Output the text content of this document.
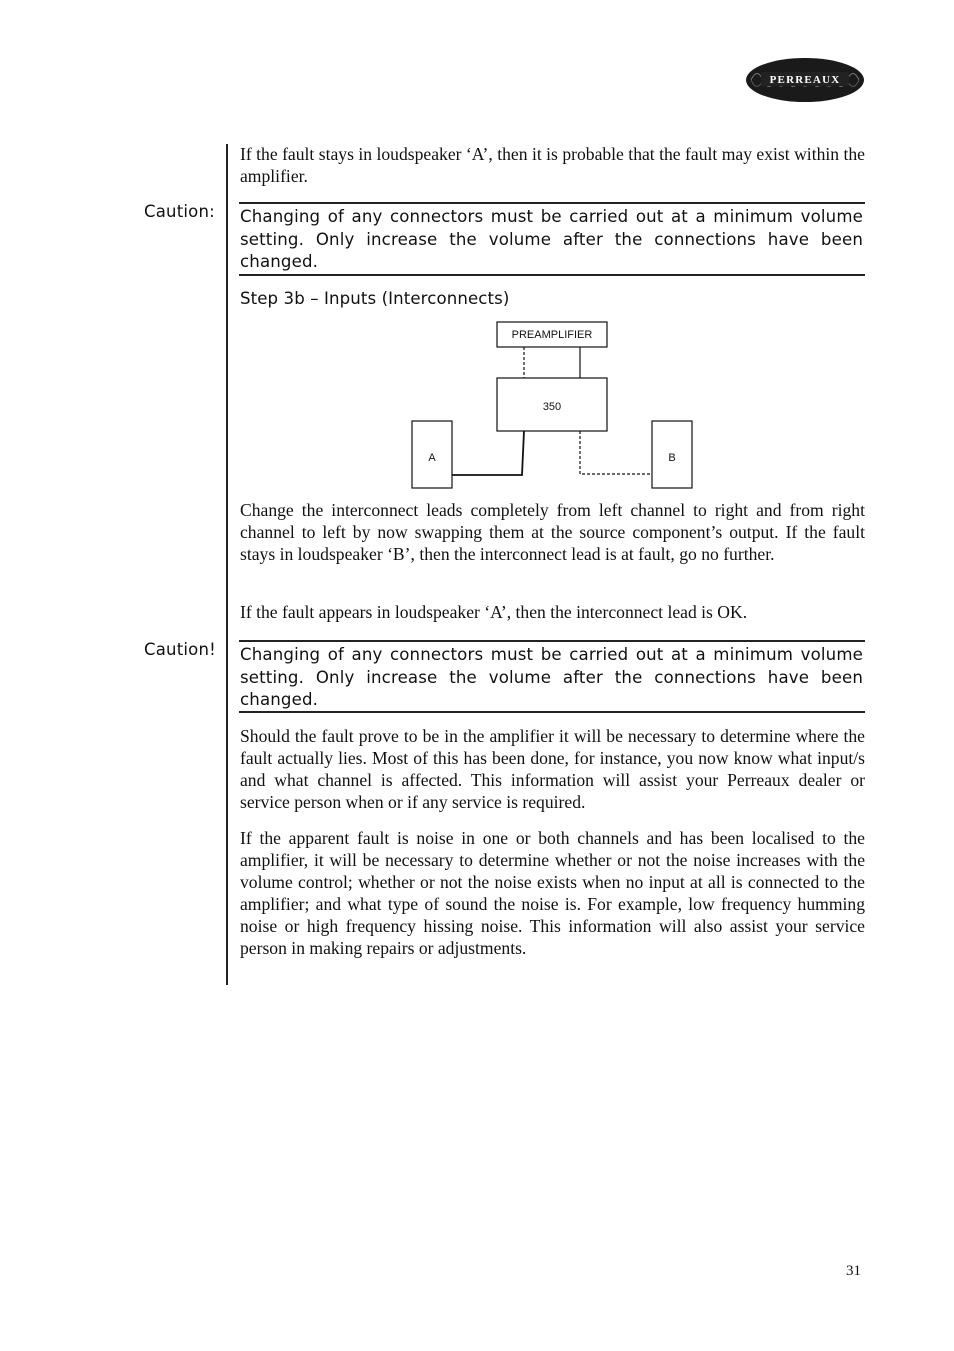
PERREAUX
If the fault stays in loudspeaker ‘A’, then it is probable that the fault may exist within the amplifier.
Caution:	Changing of any connectors must be carried out at a minimum volume setting. Only increase the volume after the connections have been changed.
Step 3b – Inputs (Interconnects)
PREAMPLIFIER
350
A	B
Change the interconnect leads completely from left channel to right and from right channel to left by now swapping them at the source component’s output. If the fault stays in loudspeaker ‘B’, then the interconnect lead is at fault, go no further.
If the fault appears in loudspeaker ‘A’, then the interconnect lead is OK.
Caution! Changing of any connectors must be carried out at a minimum volume setting. Only increase the volume after the connections have been changed.
Should the fault prove to be in the amplifier it will be necessary to determine where the fault actually lies. Most of this has been done, for instance, you now know what input/s and what channel is affected. This information will assist your Perreaux dealer or service person when or if any service is required.
If the apparent fault is noise in one or both channels and has been localised to the amplifier, it will be necessary to determine whether or not the noise increases with the volume control; whether or not the noise exists when no input at all is connected to the amplifier; and what type of sound the noise is. For example, low frequency humming noise or high frequency hissing noise. This information will also assist your service person in making repairs or adjustments.
31
